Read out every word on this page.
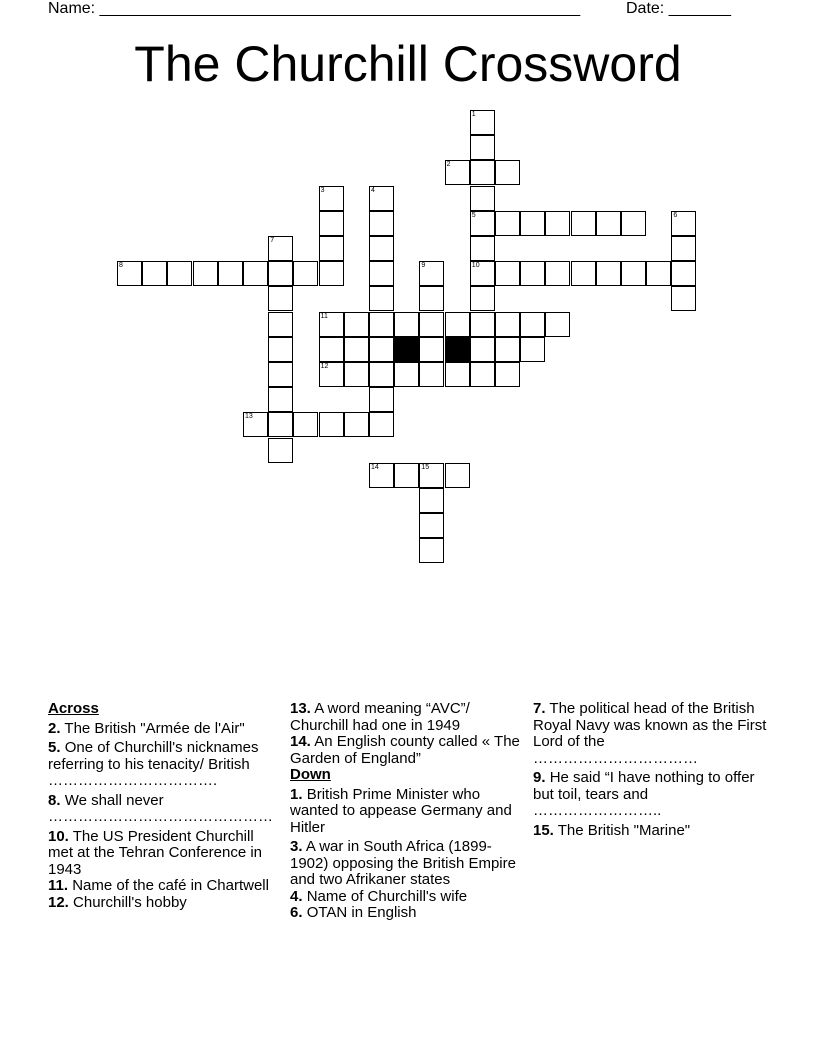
Name: ______________________________________________________	Date: _______
The Churchill Crossword
1
5
10
2
3	4
6
7
8	9
11
12
13
14	15
Across
2. The British "Armée de l'Air"
5. One of Churchill's nicknames referring to his tenacity/ British …………………………….
8. We shall never ………………………………………
10. The US President Churchill met at the Tehran Conference in 1943
11. Name of the café in Chartwell
12. Churchill's hobby
13. A word meaning “AVC”/ Churchill had one in 1949
14. An English county called « The Garden of England”
Down
1. British Prime Minister who wanted to appease Germany and Hitler
3. A war in South Africa (1899-1902) opposing the British Empire and two Afrikaner states
4. Name of Churchill's wife
6. OTAN in English
7. The political head of the British Royal Navy was known as the First Lord of the ……………………………
9. He said “I have nothing to offer but toil, tears and ……………………..
15. The British "Marine"
